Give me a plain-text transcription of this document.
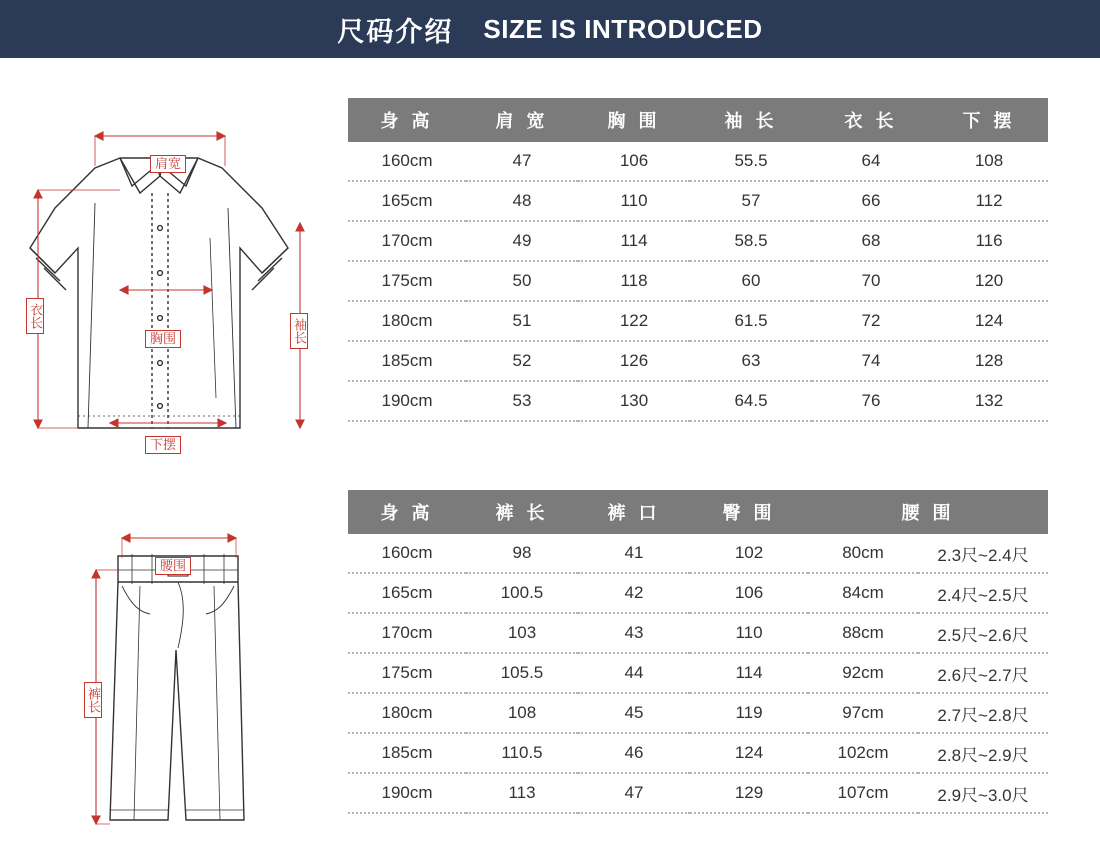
尺码介绍 SIZE IS INTRODUCED
肩宽
胸围
下摆
衣长
袖长
身 高	肩 宽	胸 围	袖 长	衣 长	下 摆
160cm	47	106	55.5	64	108
165cm	48	110	57	66	112
170cm	49	114	58.5	68	116
175cm	50	118	60	70	120
180cm	51	122	61.5	72	124
185cm	52	126	63	74	128
190cm	53	130	64.5	76	132
腰围
裤长
身 高	裤 长	裤 口	臀 围	腰 围	
160cm	98	41	102	80cm	2.3尺~2.4尺
165cm	100.5	42	106	84cm	2.4尺~2.5尺
170cm	103	43	110	88cm	2.5尺~2.6尺
175cm	105.5	44	114	92cm	2.6尺~2.7尺
180cm	108	45	119	97cm	2.7尺~2.8尺
185cm	110.5	46	124	102cm	2.8尺~2.9尺
190cm	113	47	129	107cm	2.9尺~3.0尺
